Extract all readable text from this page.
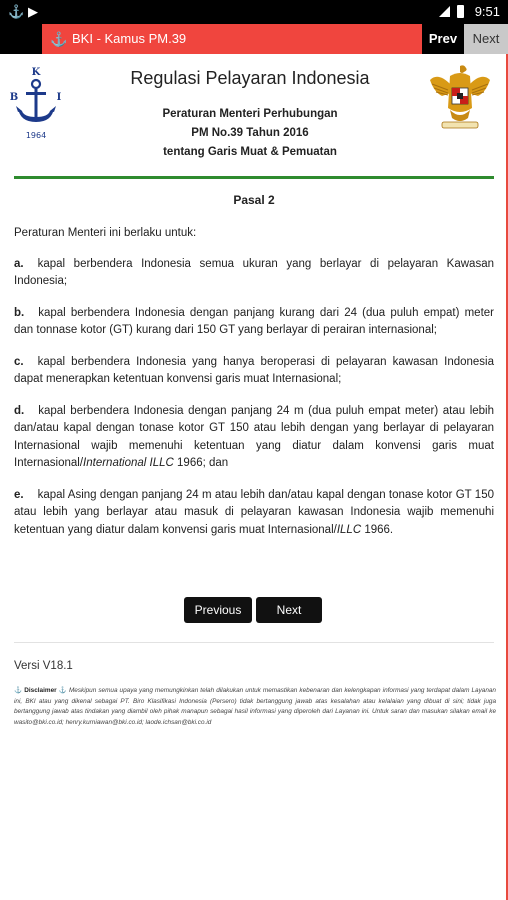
⚓ ▶	9:51
⚓ BKI - Kamus PM.39	Prev	Next
K
B	I
1964
Regulasi Pelayaran Indonesia
Peraturan Menteri Perhubungan
PM No.39 Tahun 2016
tentang Garis Muat & Pemuatan
Pasal 2

Peraturan Menteri ini berlaku untuk:

a. kapal berbendera Indonesia semua ukuran yang berlayar di pelayaran Kawasan Indonesia;

b. kapal berbendera Indonesia dengan panjang kurang dari 24 (dua puluh empat) meter dan tonnase kotor (GT) kurang dari 150 GT yang berlayar di perairan internasional;

c. kapal berbendera Indonesia yang hanya beroperasi di pelayaran kawasan Indonesia dapat menerapkan ketentuan konvensi garis muat Internasional;

d. kapal berbendera Indonesia dengan panjang 24 m (dua puluh empat meter) atau lebih dan/atau kapal dengan tonase kotor GT 150 atau lebih dengan yang berlayar di pelayaran Internasional wajib memenuhi ketentuan yang diatur dalam konvensi garis muat Internasional/International ILLC 1966; dan

e. kapal Asing dengan panjang 24 m atau lebih dan/atau kapal dengan tonase kotor GT 150 atau lebih yang berlayar atau masuk di pelayaran kawasan Indonesia wajib memenuhi ketentuan yang diatur dalam konvensi garis muat Internasional/ILLC 1966.

Previous	Next
Versi V18.1
⚓ Disclaimer ⚓ Meskipun semua upaya yang memungkinkan telah dilakukan untuk memastikan kebenaran dan kelengkapan informasi yang terdapat dalam Layanan ini, BKI atau yang dikenal sebagai PT. Biro Klasifikasi Indonesia (Persero) tidak bertanggung jawab atas kesalahan atau kelalaian yang dibuat di sini; tidak juga bertanggung jawab atas tindakan yang diambil oleh pihak manapun sebagai hasil informasi yang diperoleh dari Layanan ini. Untuk saran dan masukan silakan email ke wasito@bki.co.id; henry.kurniawan@bki.co.id; laode.ichsan@bki.co.id
